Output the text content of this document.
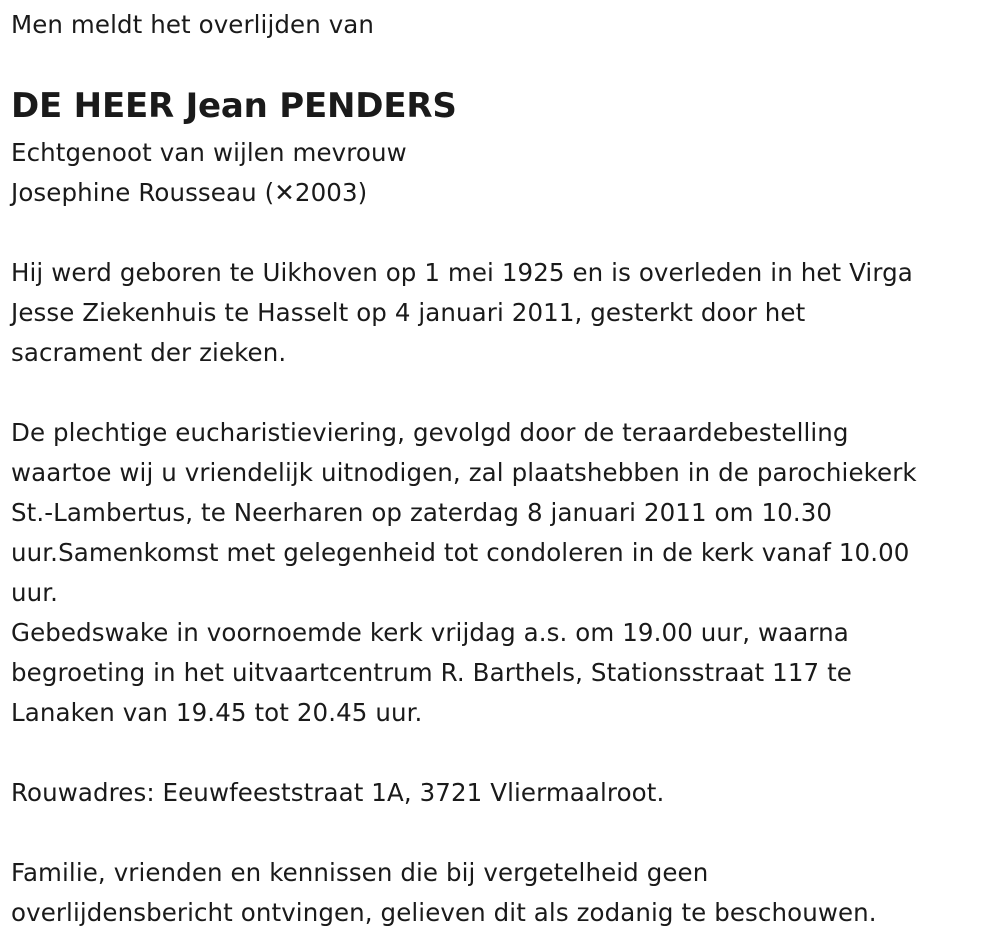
Men meldt het overlijden van
DE HEER Jean PENDERS
Echtgenoot van wijlen mevrouw
Josephine Rousseau (✕2003)
Hij werd geboren te Uikhoven op 1 mei 1925 en is overleden in het Virga
Jesse Ziekenhuis te Hasselt op 4 januari 2011, gesterkt door het
sacrament der zieken.
De plechtige eucharistieviering, gevolgd door de teraardebestelling
waartoe wij u vriendelijk uitnodigen, zal plaatshebben in de parochiekerk
St.-Lambertus, te Neerharen op zaterdag 8 januari 2011 om 10.30
uur.Samenkomst met gelegenheid tot condoleren in de kerk vanaf 10.00
uur.
Gebedswake in voornoemde kerk vrijdag a.s. om 19.00 uur, waarna
begroeting in het uitvaartcentrum R. Barthels, Stationsstraat 117 te
Lanaken van 19.45 tot 20.45 uur.
Rouwadres: Eeuwfeeststraat 1A, 3721 Vliermaalroot.
Familie, vrienden en kennissen die bij vergetelheid geen
overlijdensbericht ontvingen, gelieven dit als zodanig te beschouwen.
